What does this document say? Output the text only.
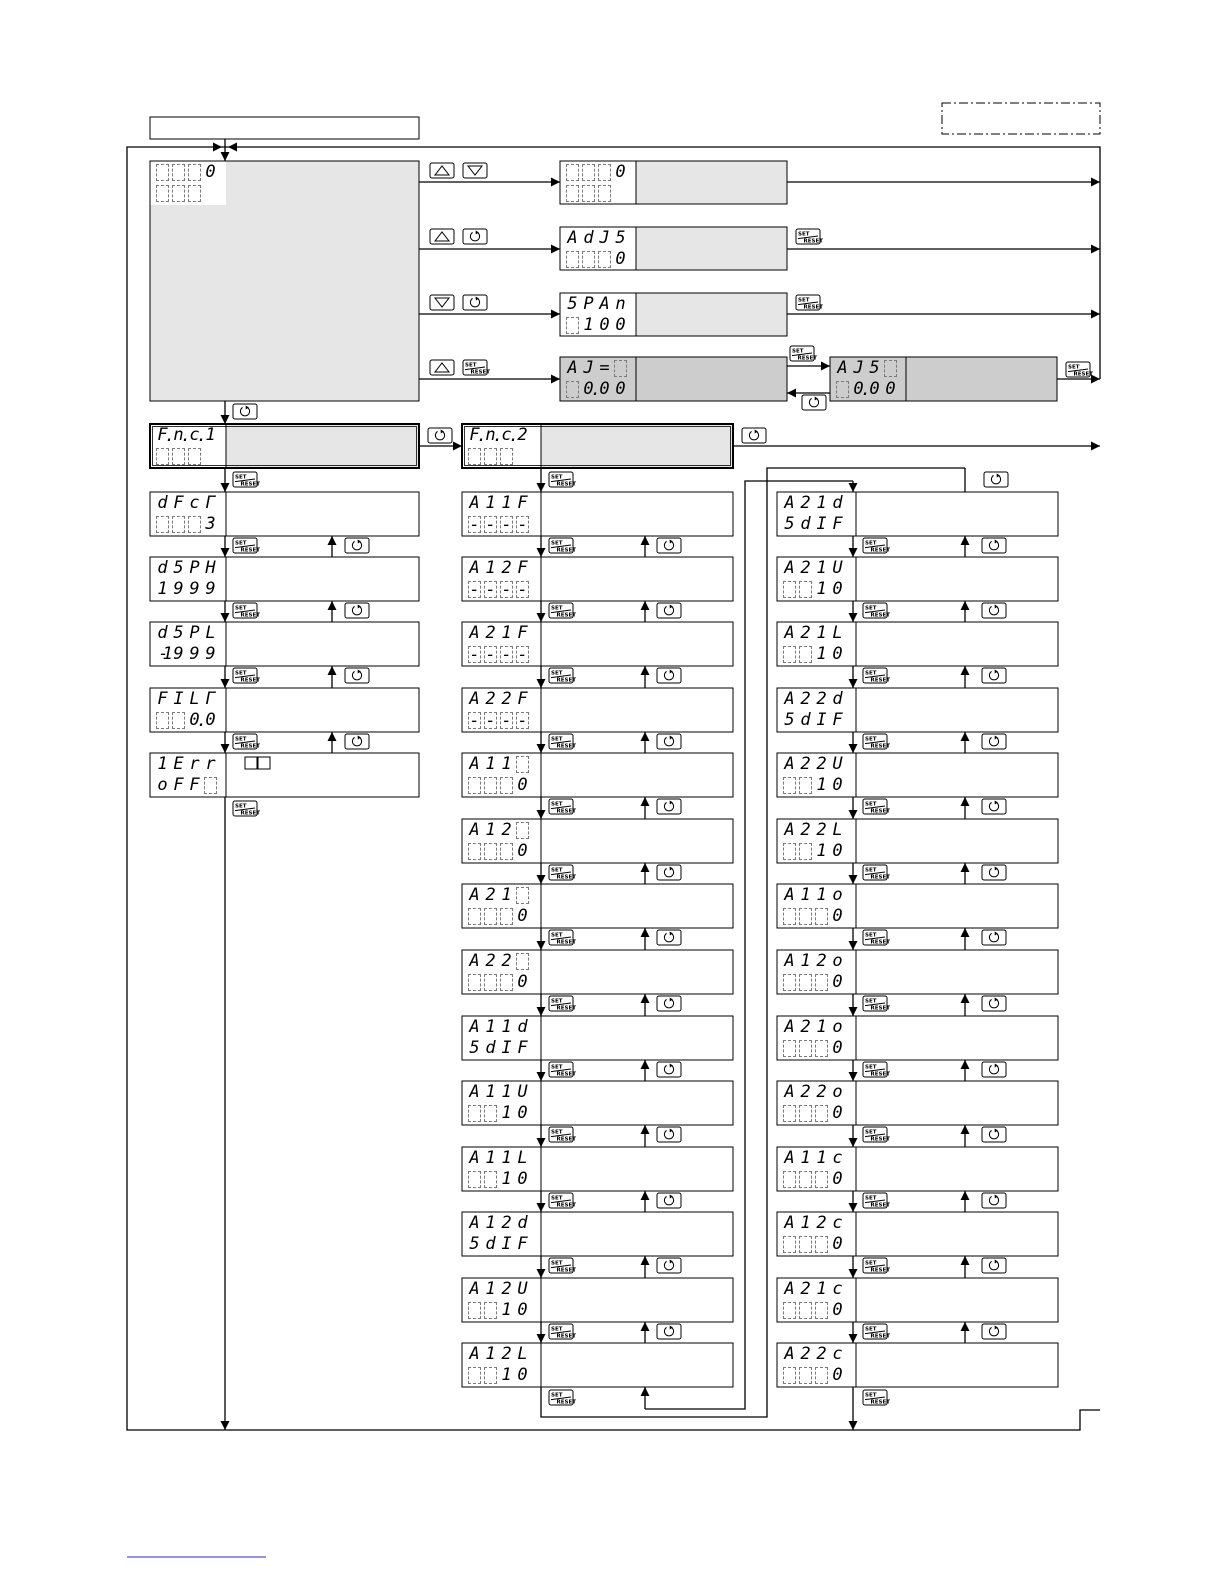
SET
RESET
SET
RESET
SET
RESET
SET
RESET
SET
RESET
SET
RESET
SET
RESET
SET
RESET
SET
RESET
SET
RESET
SET
RESET
SET
RESET
SET
RESET
SET
RESET
SET
RESET
SET
RESET
SET
RESET
SET
RESET
SET
RESET
SET
RESET
SET
RESET
SET
RESET
SET
RESET
SET
RESET
SET
RESET
SET
RESET
SET
RESET
SET
RESET
SET
RESET
SET
RESET
SET
RESET
SET
RESET
SET
RESET
SET
RESET
SET
RESET
SET
RESET
SET
RESET
SET
RESET
SET
RESET
SET
RESET
0
	0

A d J 5
0
5 P A n
1 0 0
A J =
0
.
0 0
A J 5
0
.
0 0
F
.
n
.
c
.
1
	F
.
n
.
c
.
2

d F c Γ
3
d 5 P H
1 9 9 9
d 5 P L
-1 9 9 9
F I L Γ
0
.
0
1 E r r
o F F
A 1 1 F
- - - -
A 1 2 F
- - - -
A 2 1 F
- - - -
A 2 2 F
- - - -
A 1 1
0
A 1 2
0
A 2 1
0
A 2 2
0
A 1 1 d
5 d I F
A 1 1 U
1 0
A 1 1 L
1 0
A 1 2 d
5 d I F
A 1 2 U
1 0
A 1 2 L
1 0
A 2 1 d
5 d I F
A 2 1 U
1 0
A 2 1 L
1 0
A 2 2 d
5 d I F
A 2 2 U
1 0
A 2 2 L
1 0
A 1 1 o
0
A 1 2 o
0
A 2 1 o
0
A 2 2 o
0
A 1 1 c
0
A 1 2 c
0
A 2 1 c
0
A 2 2 c
0
